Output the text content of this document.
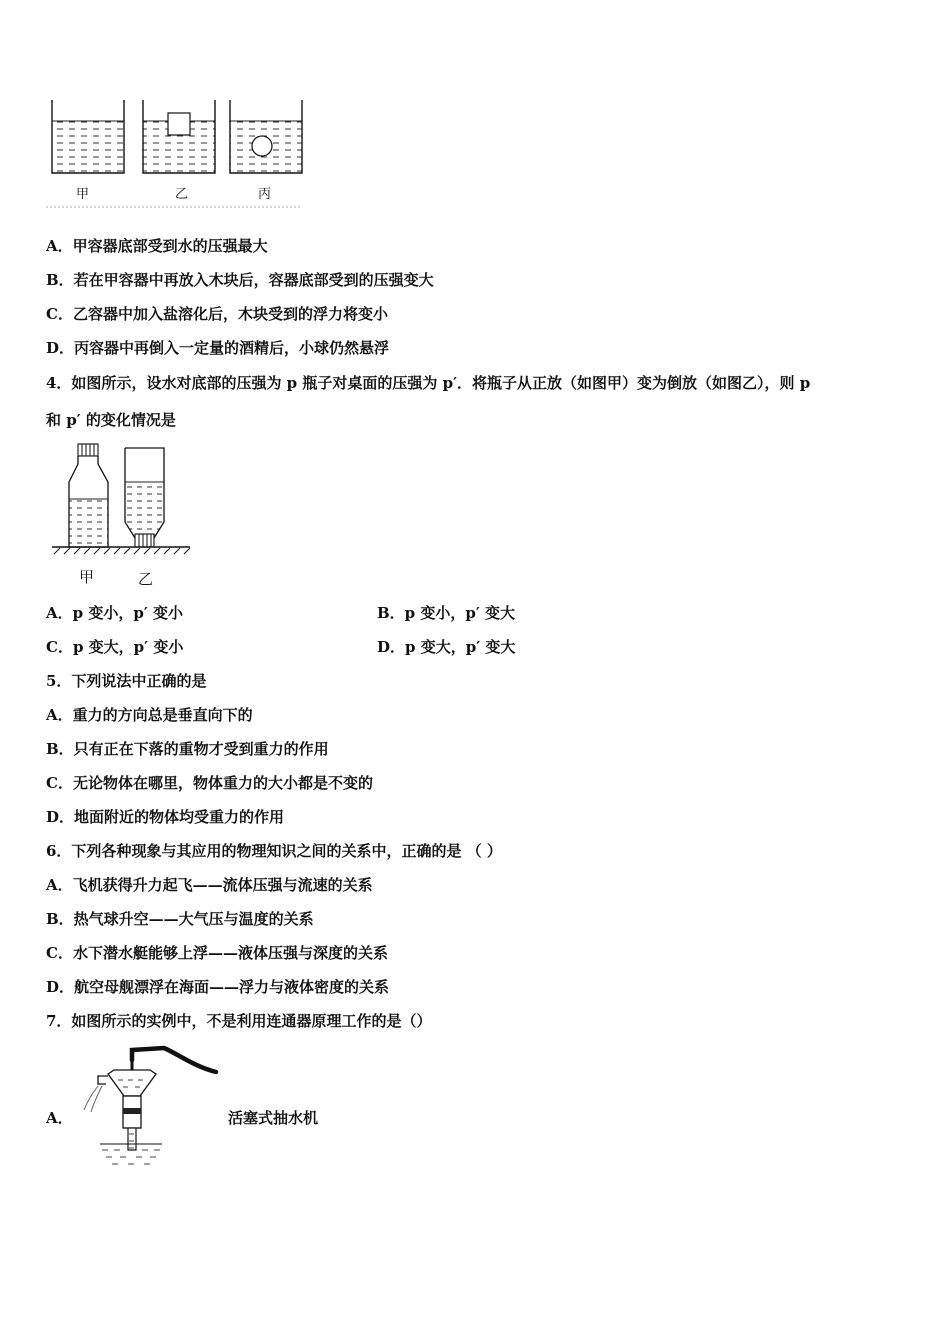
甲	乙	丙
A．甲容器底部受到水的压强最大
B．若在甲容器中再放入木块后，容器底部受到的压强变大
C．乙容器中加入盐溶化后，木块受到的浮力将变小
D．丙容器中再倒入一定量的酒精后，小球仍然悬浮
4．如图所示，设水对底部的压强为 p 瓶子对桌面的压强为 p′．将瓶子从正放（如图甲）变为倒放（如图乙），则 p
和 p′ 的变化情况是
甲	乙
A．p 变小，p′ 变小	B．p 变小，p′ 变大
C．p 变大，p′ 变小	D．p 变大，p′ 变大
5．下列说法中正确的是
A．重力的方向总是垂直向下的
B．只有正在下落的重物才受到重力的作用
C．无论物体在哪里，物体重力的大小都是不变的
D．地面附近的物体均受重力的作用
6．下列各种现象与其应用的物理知识之间的关系中，正确的是 （ ）
A．飞机获得升力起飞——流体压强与流速的关系
B．热气球升空——大气压与温度的关系
C．水下潜水艇能够上浮——液体压强与深度的关系
D．航空母舰漂浮在海面——浮力与液体密度的关系
7．如图所示的实例中，不是利用连通器原理工作的是（）
A．	活塞式抽水机
